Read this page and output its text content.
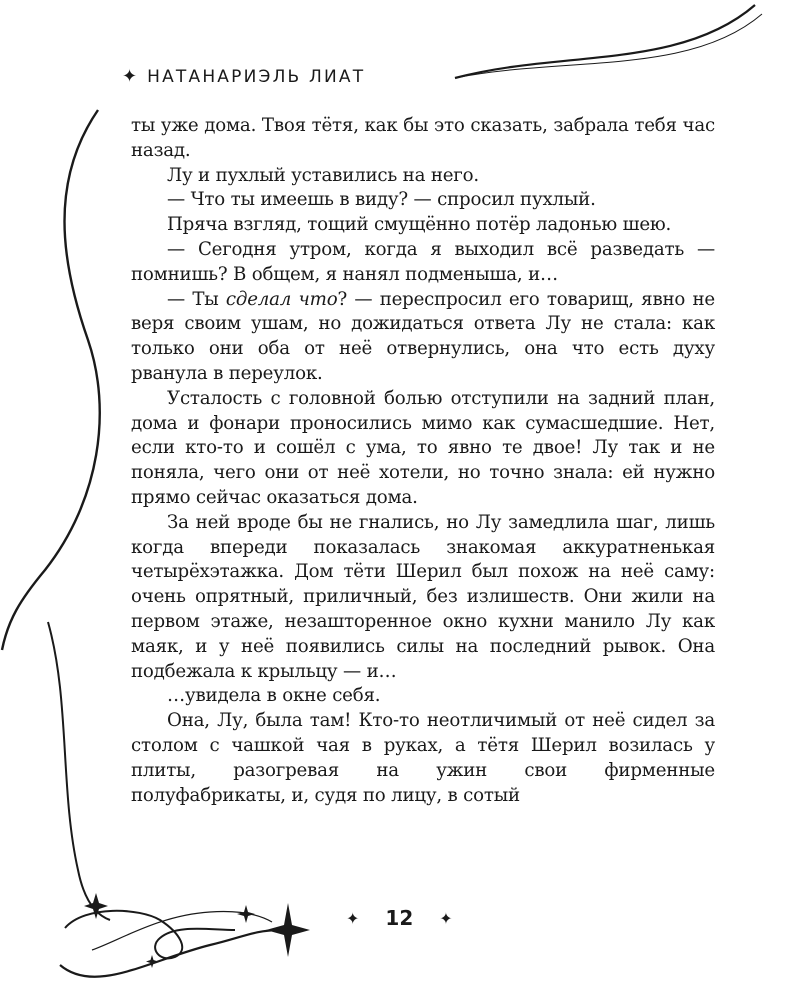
✦ НАТАНАРИЭЛЬ ЛИАТ

ты уже дома. Твоя тётя, как бы это сказать, забрала тебя час назад.

Лу и пухлый уставились на него.

— Что ты имеешь в виду? — спросил пухлый.

Пряча взгляд, тощий смущённо потёр ладонью шею.

— Сегодня утром, когда я выходил всё разведать — помнишь? В общем, я нанял подменыша, и…

— Ты сделал что? — переспросил его товарищ, явно не веря своим ушам, но дожидаться ответа Лу не стала: как только они оба от неё отвернулись, она что есть духу рванула в переулок.

Усталость с головной болью отступили на задний план, дома и фонари проносились мимо как сумасшедшие. Нет, если кто-то и сошёл с ума, то явно те двое! Лу так и не поняла, чего они от неё хотели, но точно знала: ей нужно прямо сейчас оказаться дома.

За ней вроде бы не гнались, но Лу замедлила шаг, лишь когда впереди показалась знакомая аккуратненькая четырёхэтажка. Дом тёти Шерил был похож на неё саму: очень опрятный, приличный, без излишеств. Они жили на первом этаже, незашторенное окно кухни манило Лу как маяк, и у неё появились силы на последний рывок. Она подбежала к крыльцу — и…

…увидела в окне себя.

Она, Лу, была там! Кто-то неотличимый от неё сидел за столом с чашкой чая в руках, а тётя Шерил возилась у плиты, разогревая на ужин свои фирменные полуфабрикаты, и, судя по лицу, в сотый

✦ 12 ✦
